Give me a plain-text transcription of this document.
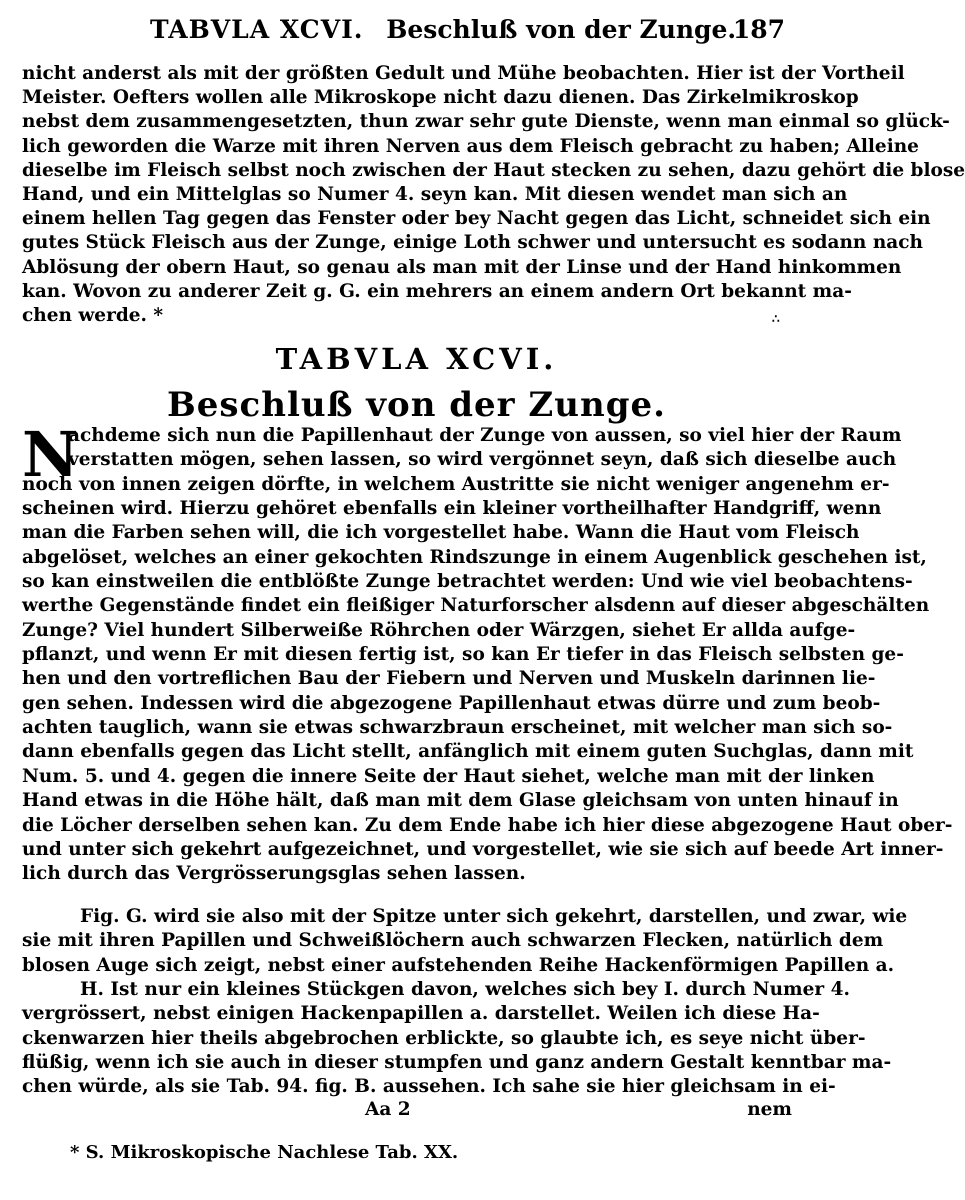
TABVLA XCVI. Beschluß von der Zunge.
187
nicht anderst als mit der größten Gedult und Mühe beobachten. Hier ist der Vortheil
Meister. Oefters wollen alle Mikroskope nicht dazu dienen. Das Zirkelmikroskop
nebst dem zusammengesetzten, thun zwar sehr gute Dienste, wenn man einmal so glück-
lich geworden die Warze mit ihren Nerven aus dem Fleisch gebracht zu haben; Alleine
dieselbe im Fleisch selbst noch zwischen der Haut stecken zu sehen, dazu gehört die blose
Hand, und ein Mittelglas so Numer 4. seyn kan. Mit diesen wendet man sich an
einem hellen Tag gegen das Fenster oder bey Nacht gegen das Licht, schneidet sich ein
gutes Stück Fleisch aus der Zunge, einige Loth schwer und untersucht es sodann nach
Ablösung der obern Haut, so genau als man mit der Linse und der Hand hinkommen
kan. Wovon zu anderer Zeit g. G. ein mehrers an einem andern Ort bekannt ma-
chen werde. *	∴
TABVLA XCVI.
Beschluß von der Zunge.
N
achdeme sich nun die Papillenhaut der Zunge von aussen, so viel hier der Raum
verstatten mögen, sehen lassen, so wird vergönnet seyn, daß sich dieselbe auch
noch von innen zeigen dörfte, in welchem Austritte sie nicht weniger angenehm er-
scheinen wird. Hierzu gehöret ebenfalls ein kleiner vortheilhafter Handgriff, wenn
man die Farben sehen will, die ich vorgestellet habe. Wann die Haut vom Fleisch
abgelöset, welches an einer gekochten Rindszunge in einem Augenblick geschehen ist,
so kan einstweilen die entblößte Zunge betrachtet werden: Und wie viel beobachtens-
werthe Gegenstände findet ein fleißiger Naturforscher alsdenn auf dieser abgeschälten
Zunge? Viel hundert Silberweiße Röhrchen oder Wärzgen, siehet Er allda aufge-
pflanzt, und wenn Er mit diesen fertig ist, so kan Er tiefer in das Fleisch selbsten ge-
hen und den vortreflichen Bau der Fiebern und Nerven und Muskeln darinnen lie-
gen sehen. Indessen wird die abgezogene Papillenhaut etwas dürre und zum beob-
achten tauglich, wann sie etwas schwarzbraun erscheinet, mit welcher man sich so-
dann ebenfalls gegen das Licht stellt, anfänglich mit einem guten Suchglas, dann mit
Num. 5. und 4. gegen die innere Seite der Haut siehet, welche man mit der linken
Hand etwas in die Höhe hält, daß man mit dem Glase gleichsam von unten hinauf in
die Löcher derselben sehen kan. Zu dem Ende habe ich hier diese abgezogene Haut ober-
und unter sich gekehrt aufgezeichnet, und vorgestellet, wie sie sich auf beede Art inner-
lich durch das Vergrösserungsglas sehen lassen.
Fig. G. wird sie also mit der Spitze unter sich gekehrt, darstellen, und zwar, wie
sie mit ihren Papillen und Schweißlöchern auch schwarzen Flecken, natürlich dem
blosen Auge sich zeigt, nebst einer aufstehenden Reihe Hackenförmigen Papillen a.
H. Ist nur ein kleines Stückgen davon, welches sich bey I. durch Numer 4.
vergrössert, nebst einigen Hackenpapillen a. darstellet. Weilen ich diese Ha-
ckenwarzen hier theils abgebrochen erblickte, so glaubte ich, es seye nicht über-
flüßig, wenn ich sie auch in dieser stumpfen und ganz andern Gestalt kenntbar ma-
chen würde, als sie Tab. 94. fig. B. aussehen. Ich sahe sie hier gleichsam in ei-
Aa 2	nem
* S. Mikroskopische Nachlese Tab. XX.
